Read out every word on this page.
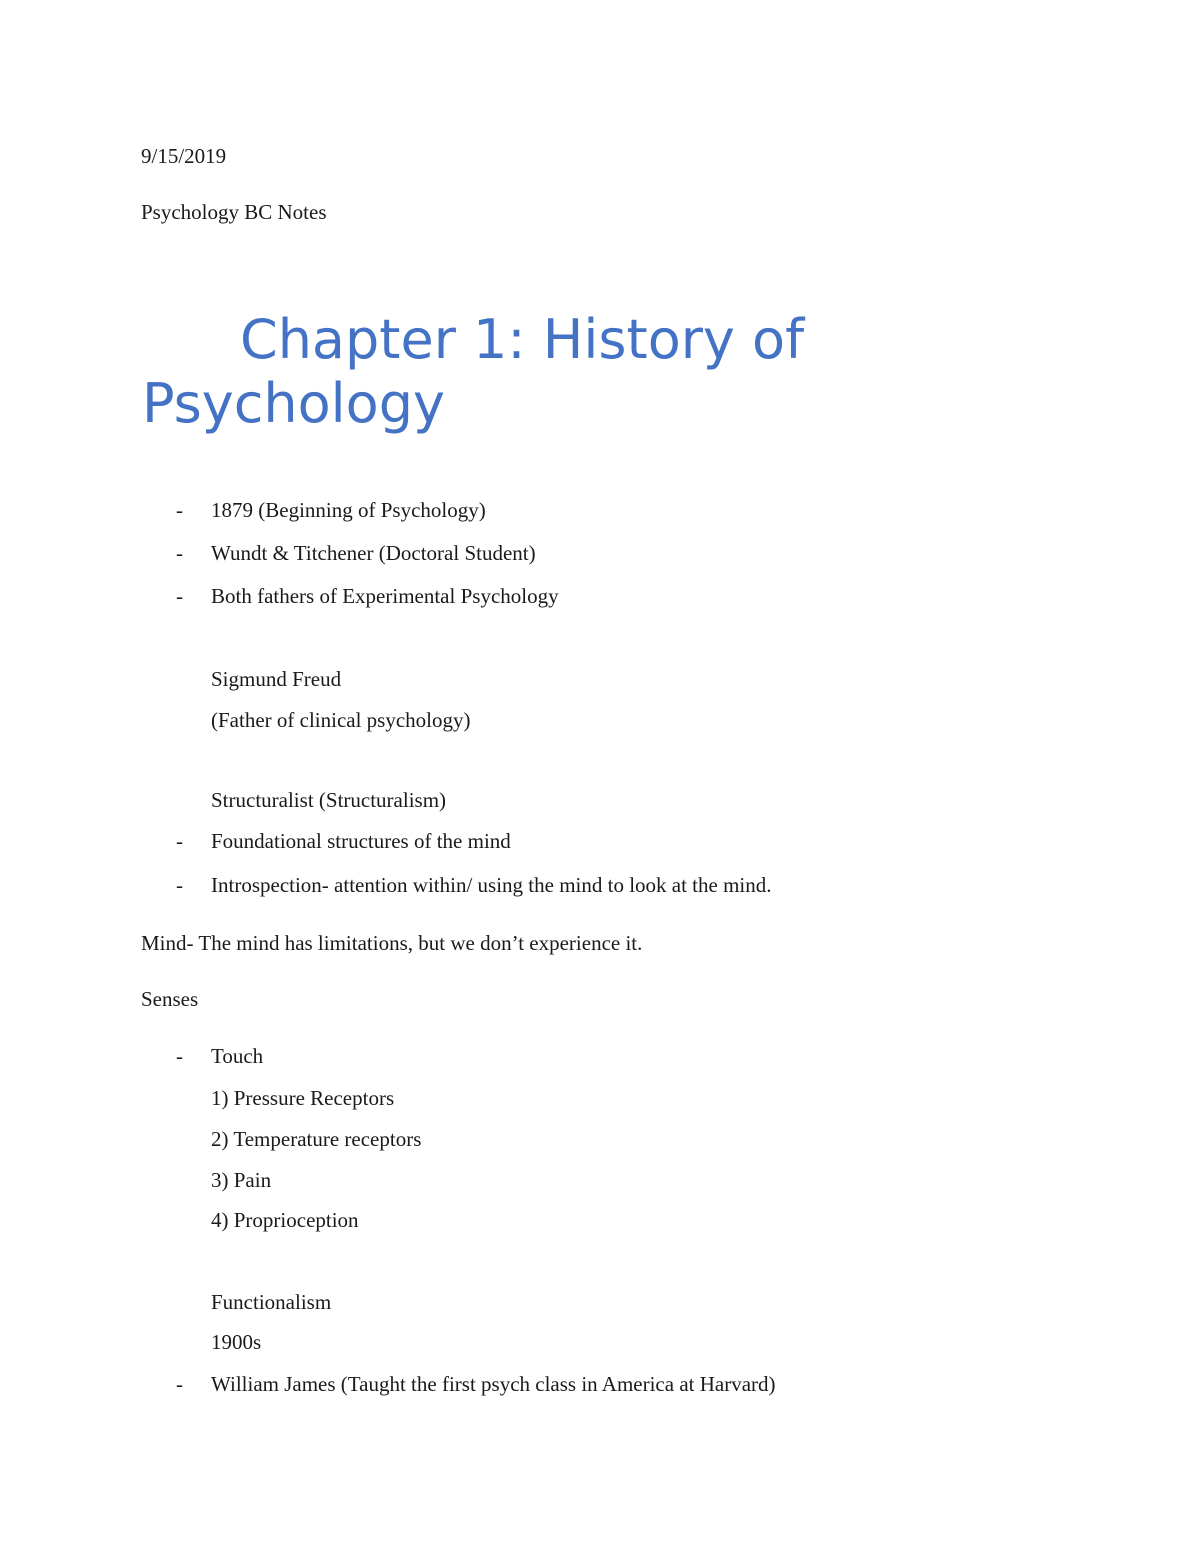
9/15/2019
Psychology BC Notes
Chapter 1: History of
Psychology
- 1879 (Beginning of Psychology)
- Wundt & Titchener (Doctoral Student)
- Both fathers of Experimental Psychology
Sigmund Freud
(Father of clinical psychology)
Structuralist (Structuralism)
- Foundational structures of the mind
- Introspection- attention within/ using the mind to look at the mind.
Mind- The mind has limitations, but we don’t experience it.
Senses
- Touch
1) Pressure Receptors
2) Temperature receptors
3) Pain
4) Proprioception
Functionalism
1900s
- William James (Taught the first psych class in America at Harvard)
